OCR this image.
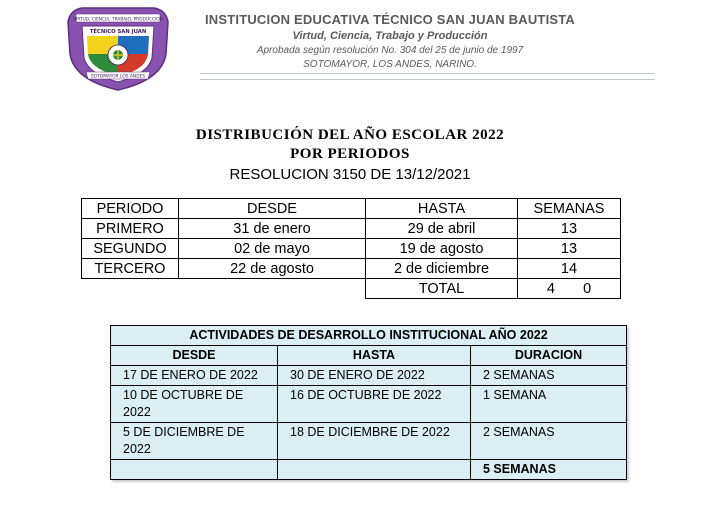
VIRTUD, CIENCIA, TRABAJO, PRODUCCION
TÉCNICO SAN JUAN
SOTOMAYOR LOS ANDES
INSTITUCION EDUCATIVA TÉCNICO SAN JUAN BAUTISTA
Virtud, Ciencia, Trabajo y Producción
Aprobada según resolución No. 304 del 25 de junio de 1997
SOTOMAYOR, LOS ANDES, NARINO.
DISTRIBUCIÓN DEL AÑO ESCOLAR 2022
POR PERIODOS
RESOLUCION 3150 DE 13/12/2021
PERIODO	DESDE	HASTA	SEMANAS
PRIMERO	31 de enero	29 de abril	13
SEGUNDO	02 de mayo	19 de agosto	13
TERCERO	22 de agosto	2 de diciembre	14
		TOTAL	4       0
ACTIVIDADES DE DESARROLLO INSTITUCIONAL AÑO 2022		
DESDE	HASTA	DURACION
17 DE ENERO DE 2022	30 DE ENERO DE 2022	2 SEMANAS
10 DE OCTUBRE DE 2022	16 DE OCTUBRE DE 2022	1 SEMANA
5 DE DICIEMBRE DE 2022	18 DE DICIEMBRE DE 2022	2 SEMANAS
		5 SEMANAS
